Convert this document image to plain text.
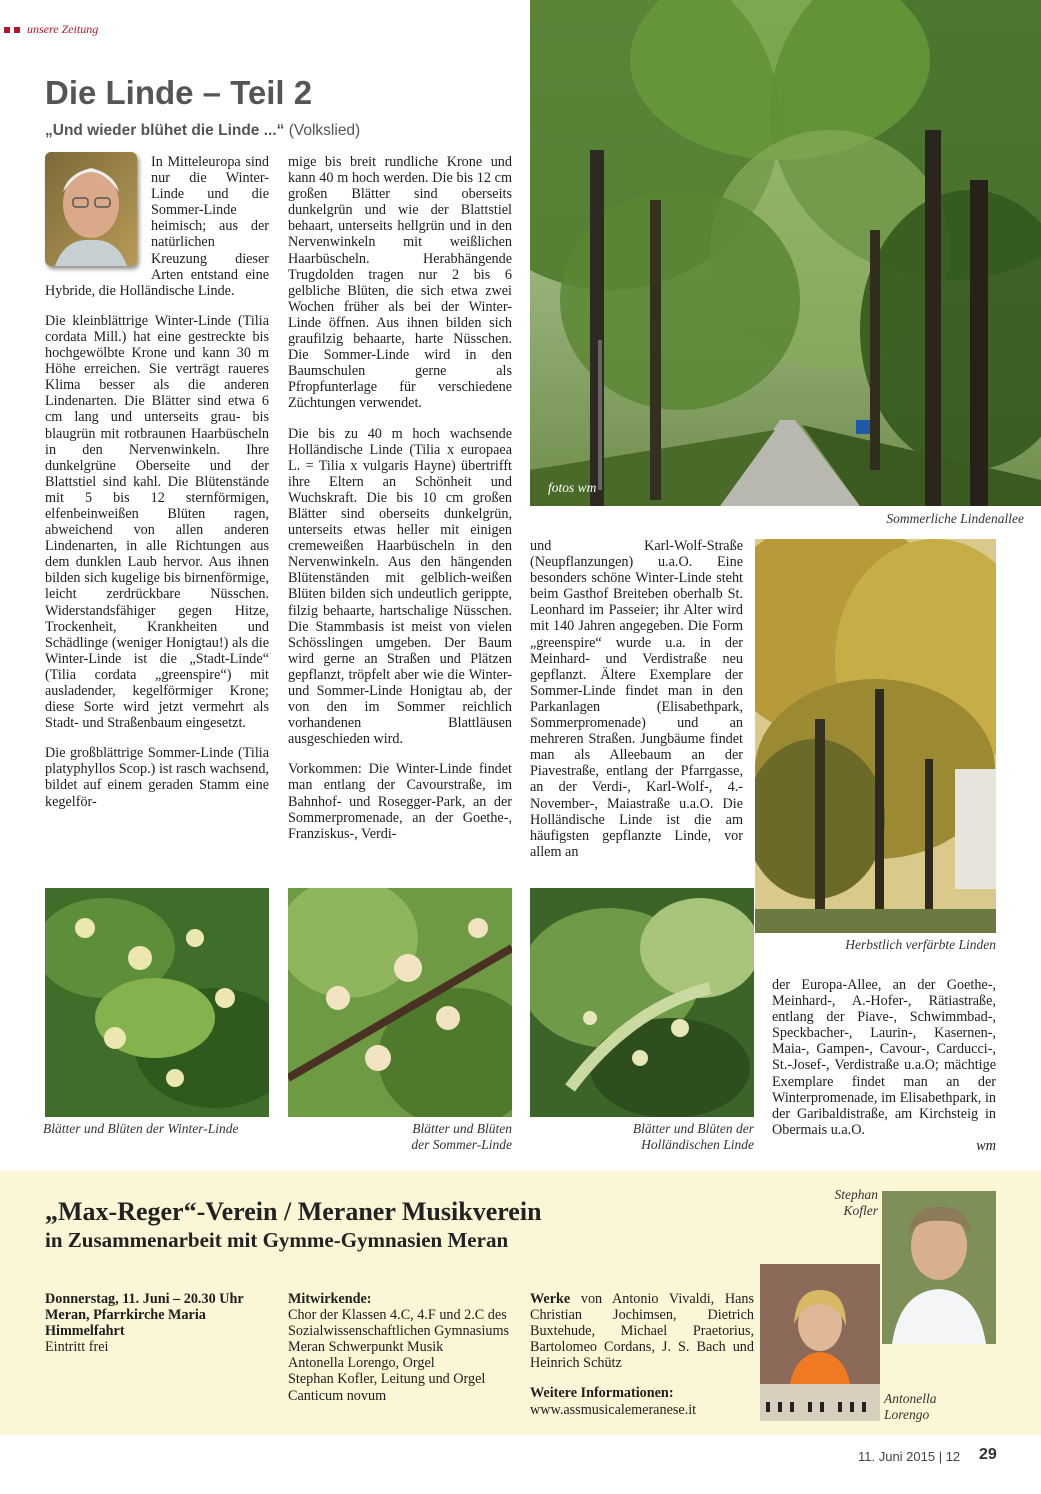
unsere Zeitung
Die Linde – Teil 2
„Und wieder blühet die Linde ...“ (Volkslied)

In Mitteleuropa sind nur die Winter-Linde und die Sommer-Linde heimisch; aus der natürlichen Kreuzung dieser Arten entstand eine Hybride, die Holländische Linde.

Die kleinblättrige Winter-Linde (Tilia cordata Mill.) hat eine gestreckte bis hochgewölbte Krone und kann 30 m Höhe erreichen. Sie verträgt raueres Klima besser als die anderen Lindenarten. Die Blätter sind etwa 6 cm lang und unterseits grau- bis blaugrün mit rotbraunen Haarbüscheln in den Nervenwinkeln. Ihre dunkelgrüne Oberseite und der Blattstiel sind kahl. Die Blütenstände mit 5 bis 12 sternförmigen, elfenbeinweißen Blüten ragen, abweichend von allen anderen Lindenarten, in alle Richtungen aus dem dunklen Laub hervor. Aus ihnen bilden sich kugelige bis birnenförmige, leicht zerdrückbare Nüsschen. Widerstandsfähiger gegen Hitze, Trockenheit, Krankheiten und Schädlinge (weniger Honigtau!) als die Winter-Linde ist die „Stadt-Linde“ (Tilia cordata „greenspire“) mit ausladender, kegelförmiger Krone; diese Sorte wird jetzt vermehrt als Stadt- und Straßenbaum eingesetzt.

Die großblättrige Sommer-Linde (Tilia platyphyllos Scop.) ist rasch wachsend, bildet auf einem geraden Stamm eine kegelför-

mige bis breit rundliche Krone und kann 40 m hoch werden. Die bis 12 cm großen Blätter sind oberseits dunkelgrün und wie der Blattstiel behaart, unterseits hellgrün und in den Nervenwinkeln mit weißlichen Haarbüscheln. Herabhängende Trugdolden tragen nur 2 bis 6 gelbliche Blüten, die sich etwa zwei Wochen früher als bei der Winter-Linde öffnen. Aus ihnen bilden sich graufilzig behaarte, harte Nüsschen. Die Sommer-Linde wird in den Baumschulen gerne als Pfropfunterlage für verschiedene Züchtungen verwendet.

Die bis zu 40 m hoch wachsende Holländische Linde (Tilia x europaea L. = Tilia x vulgaris Hayne) übertrifft ihre Eltern an Schönheit und Wuchskraft. Die bis 10 cm großen Blätter sind oberseits dunkelgrün, unterseits etwas heller mit einigen cremeweißen Haarbüscheln in den Nervenwinkeln. Aus den hängenden Blütenständen mit gelblich-weißen Blüten bilden sich undeutlich gerippte, filzig behaarte, hartschalige Nüsschen. Die Stammbasis ist meist von vielen Schösslingen umgeben. Der Baum wird gerne an Straßen und Plätzen gepflanzt, tröpfelt aber wie die Winter- und Sommer-Linde Honigtau ab, der von den im Sommer reichlich vorhandenen Blattläusen ausgeschieden wird.

Vorkommen: Die Winter-Linde findet man entlang der Cavourstraße, im Bahnhof- und Rosegger-Park, an der Sommerpromenade, an der Goethe-, Franziskus-, Verdi-

fotos wm
Sommerliche Lindenallee

und Karl-Wolf-Straße (Neupflanzungen) u.a.O. Eine besonders schöne Winter-Linde steht beim Gasthof Breiteben oberhalb St. Leonhard im Passeier; ihr Alter wird mit 140 Jahren angegeben. Die Form „greenspire“ wurde u.a. in der Meinhard- und Verdistraße neu gepflanzt. Ältere Exemplare der Sommer-Linde findet man in den Parkanlagen (Elisabethpark, Sommerpromenade) und an mehreren Straßen. Jungbäume findet man als Alleebaum an der Piavestraße, entlang der Pfarrgasse, an der Verdi-, Karl-Wolf-, 4.-November-, Maiastraße u.a.O. Die Holländische Linde ist die am häufigsten gepflanzte Linde, vor allem an

Herbstlich verfärbte Linden

der Europa-Allee, an der Goethe-, Meinhard-, A.-Hofer-, Rätiastraße, entlang der Piave-, Schwimmbad-, Speckbacher-, Laurin-, Kasernen-, Maia-, Gampen-, Cavour-, Carducci-, St.-Josef-, Verdistraße u.a.O; mächtige Exemplare findet man an der Winterpromenade, im Elisabethpark, in der Garibaldistraße, am Kirchsteig in Obermais u.a.O.

wm
Blätter und Blüten der Winter-Linde	Blätter und Blüten
der Sommer-Linde
Blätter und Blüten der
Holländischen Linde
„Max-Reger“-Verein / Meraner Musikverein
in Zusammenarbeit mit Gymme-Gymnasien Meran
Donnerstag, 11. Juni – 20.30 Uhr
Meran, Pfarrkirche Maria Himmelfahrt
Eintritt frei
Mitwirkende:
Chor der Klassen 4.C, 4.F und 2.C des Sozialwissenschaftlichen Gymnasiums Meran Schwerpunkt Musik
Antonella Lorengo, Orgel
Stephan Kofler, Leitung und Orgel
Canticum novum
Werke von Antonio Vivaldi, Hans Christian Jochimsen, Dietrich Buxtehude, Michael Praetorius, Bartolomeo Cordans, J. S. Bach und Heinrich Schütz
Weitere Informationen:
www.assmusicalemeranese.it
Stephan
Kofler
Antonella
Lorengo
11. Juni 2015 | 12 29
